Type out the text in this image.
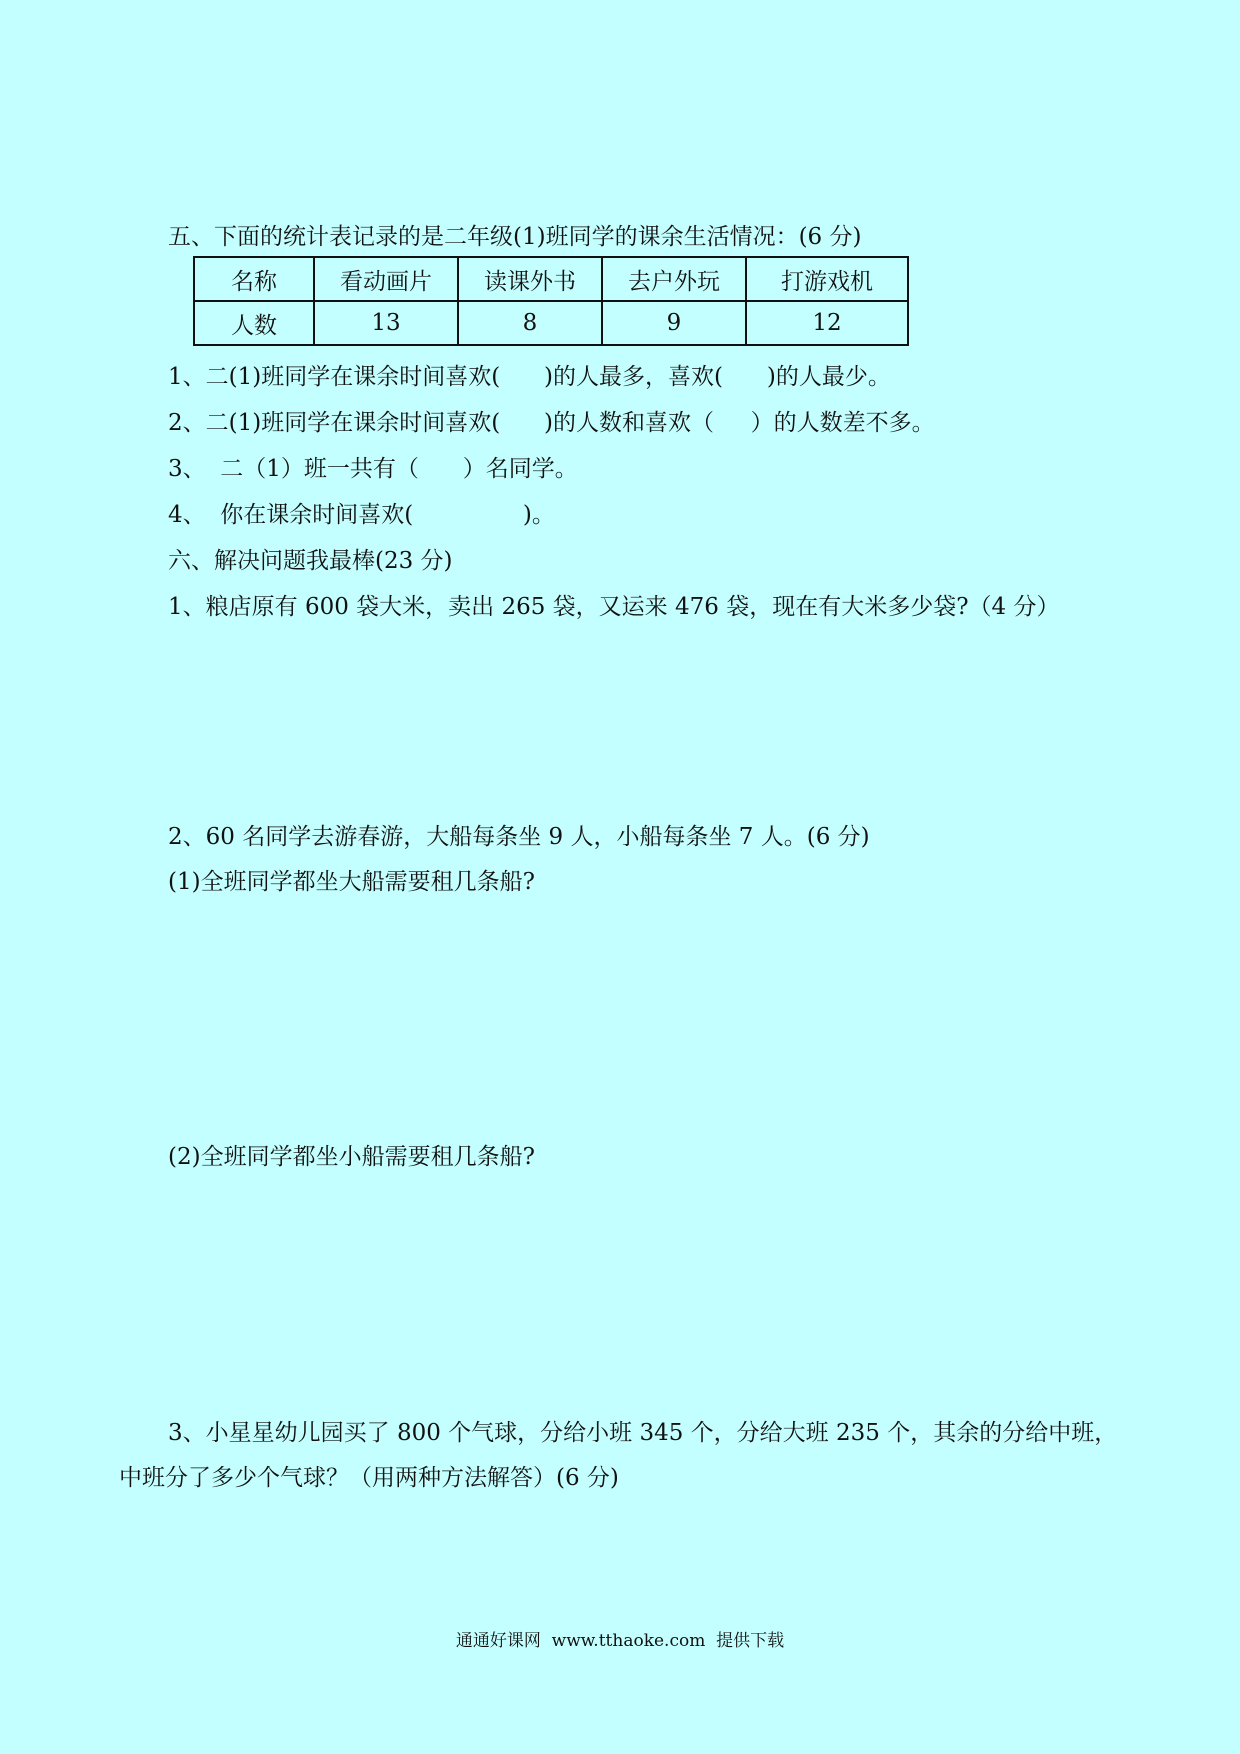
五、下面的统计表记录的是二年级(1)班同学的课余生活情况：(6 分)
名称	看动画片	读课外书	去户外玩	打游戏机
人数	13	8	9	12
1、二(1)班同学在课余时间喜欢(      )的人最多，喜欢(      )的人最少。
2、二(1)班同学在课余时间喜欢(      )的人数和喜欢（     ）的人数差不多。
3、  二（1）班一共有（      ）名同学。
4、  你在课余时间喜欢(               )。
六、解决问题我最棒(23 分)
1、粮店原有 600 袋大米，卖出 265 袋，又运来 476 袋，现在有大米多少袋?（4 分）
2、60 名同学去游春游，大船每条坐 9 人，小船每条坐 7 人。(6 分)
(1)全班同学都坐大船需要租几条船?
(2)全班同学都坐小船需要租几条船?
3、小星星幼儿园买了 800 个气球，分给小班 345 个，分给大班 235 个，其余的分给中班，
中班分了多少个气球？（用两种方法解答）(6 分)
通通好课网  www.tthaoke.com  提供下载
